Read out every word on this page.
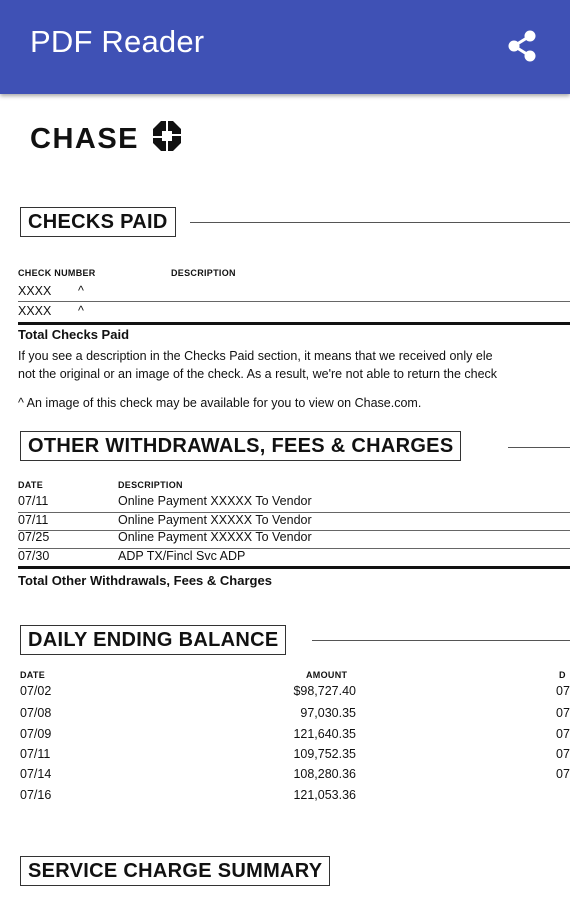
PDF Reader
CHASE
CHECKS PAID
CHECK NUMBER	DESCRIPTION
XXXX ^
XXXX ^
Total Checks Paid
If you see a description in the Checks Paid section, it means that we received only ele
not the original or an image of the check. As a result, we're not able to return the check
^ An image of this check may be available for you to view on Chase.com.
OTHER WITHDRAWALS, FEES & CHARGES
DATE	DESCRIPTION
07/11	Online Payment XXXXX To Vendor
07/11	Online Payment XXXXX To Vendor
07/25	Online Payment XXXXX To Vendor
07/30	ADP TX/Fincl Svc ADP
Total Other Withdrawals, Fees & Charges
DAILY ENDING BALANCE
DATE	AMOUNT	D
07/02	$98,727.40	07
07/08	97,030.35	07
07/09	121,640.35	07
07/11	109,752.35	07
07/14	108,280.36	07
07/16	121,053.36
SERVICE CHARGE SUMMARY
